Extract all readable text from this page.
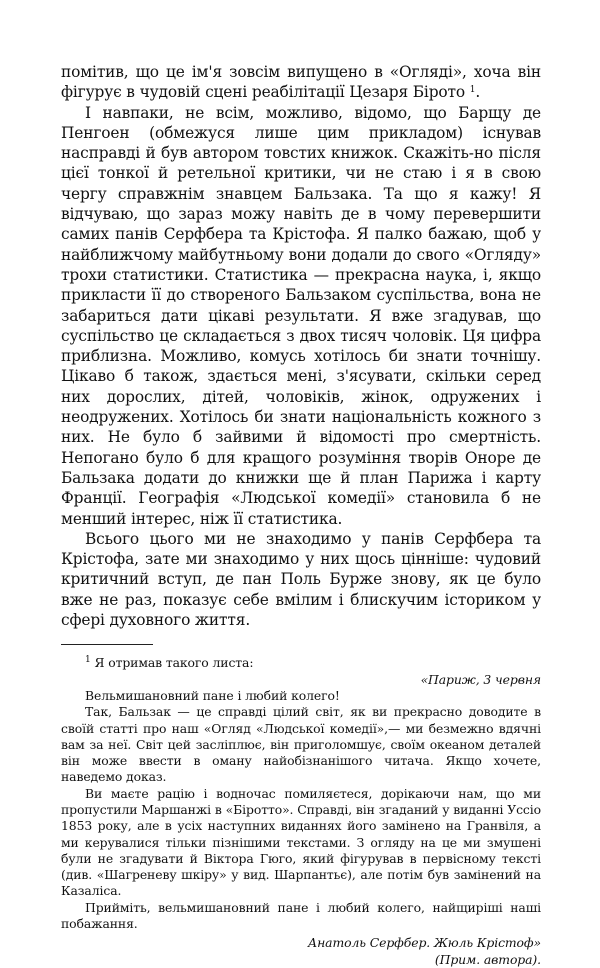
помітив, що це ім'я зовсім випущено в «Огляді», хоча він фігурує в чудовій сцені реабілітації Цезаря Бірото $^1$.

І навпаки, не всім, можливо, відомо, що Барщу де Пенгоен (обмежуся лише цим прикладом) існував насправді й був автором товстих книжок. Скажіть-но після цієї тонкої й ретельної критики, чи не стаю і я в свою чергу справжнім знавцем Бальзака. Та що я кажу! Я відчуваю, що зараз можу навіть де в чому перевершити самих панів Серфбера та Крістофа. Я палко бажаю, щоб у найближчому майбутньому вони додали до свого «Огляду» трохи статистики. Статистика — прекрасна наука, і, якщо прикласти її до створеного Бальзаком суспільства, вона не забариться дати цікаві результати. Я вже згадував, що суспільство це складається з двох тисяч чоловік. Ця цифра приблизна. Можливо, комусь хотілось би знати точнішу. Цікаво б також, здається мені, з'ясувати, скільки серед них дорослих, дітей, чоловіків, жінок, одружених і неодружених. Хотілось би знати національність кожного з них. Не було б зайвими й відомості про смертність. Непогано було б для кращого розуміння творів Оноре де Бальзака додати до книжки ще й план Парижа і карту Франції. Географія «Людської комедії» становила б не менший інтерес, ніж її статистика.

Всього цього ми не знаходимо у панів Серфбера та Крістофа, зате ми знаходимо у них щось цінніше: чудовий критичний вступ, де пан Поль Бурже знову, як це було вже не раз, показує себе вмілим і блискучим істориком у сфері духовного життя.

$^1$ Я отримав такого листа:

«Париж, 3 червня

Вельмишановний пане і любий колего!

Так, Бальзак — це справді цілий світ, як ви прекрасно доводите в своїй статті про наш «Огляд «Людської комедії»,— ми безмежно вдячні вам за неї. Світ цей засліплює, він приголомшує, своїм океаном деталей він може ввести в оману найобізнанішого читача. Якщо хочете, наведемо доказ.

Ви маєте рацію і водночас помиляєтеся, дорікаючи нам, що ми пропустили Маршанжі в «Біротто». Справді, він згаданий у виданні Уссіо 1853 року, але в усіх наступних виданнях його замінено на Гранвіля, а ми керувалися тільки пізнішими текстами. З огляду на це ми змушені були не згадувати й Віктора Гюго, який фігурував в первісному тексті (див. «Шагреневу шкіру» у вид. Шарпантьє), але потім був замінений на Казаліса.

Прийміть, вельмишановний пане і любий колего, найщиріші наші побажання.

Анатоль Серфбер. Жюль Крістоф»

(Прим. автора).
